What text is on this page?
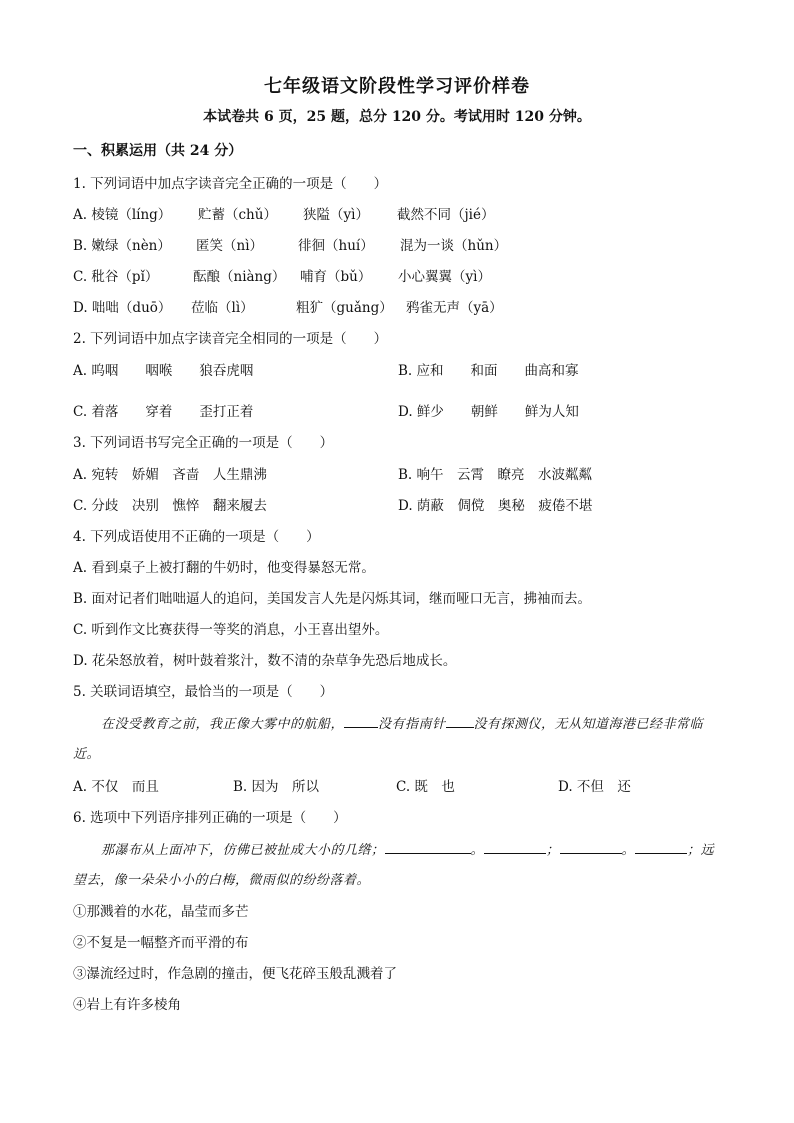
七年级语文阶段性学习评价样卷
本试卷共 6 页，25 题，总分 120 分。考试用时 120 分钟。
一、积累运用（共 24 分）
1. 下列词语中加点字读音完全正确的一项是（　　）
A. 棱镜（líng） 贮蓄（chǔ） 狭隘（yì） 截然不同（jié）
B. 嫩绿（nèn） 匿笑（nì）	徘徊（huí） 混为一谈（hǔn）
C. 秕谷（pǐ）	酝酿（niàng） 哺育（bǔ） 小心翼翼（yì）
D. 咄咄（duō） 莅临（lì）	粗犷（guǎng） 鸦雀无声（yā）
2. 下列词语中加点字读音完全相同的一项是（　　）
A. 呜咽　　咽喉　　狼吞虎咽	B. 应和　　和面　　曲高和寡
C. 着落　　穿着　　歪打正着	D. 鲜少　　朝鲜　　鲜为人知
3. 下列词语书写完全正确的一项是（　　）
A. 宛转　娇媚　吝啬　人生鼎沸	B. 响午　云霄　瞭亮　水波粼粼
C. 分歧　决别　憔悴　翻来履去	D. 荫蔽　倜傥　奥秘　疲倦不堪
4. 下列成语使用不正确的一项是（　　）
A. 看到桌子上被打翻的牛奶时，他变得暴怒无常。
B. 面对记者们咄咄逼人的追问，美国发言人先是闪烁其词，继而哑口无言，拂袖而去。
C. 听到作文比赛获得一等奖的消息，小王喜出望外。
D. 花朵怒放着，树叶鼓着浆汁，数不清的杂草争先恐后地成长。
5. 关联词语填空，最恰当的一项是（　　）
在没受教育之前，我正像大雾中的航船，	没有指南针 没有探测仪，无从知道海港已经非常临
近。
A. 不仅　而且	B. 因为　所以	C. 既　也	D. 不但　还
6. 选项中下列语序排列正确的一项是（　　）
那瀑布从上面冲下，仿佛已被扯成大小的几绺；	。	；	。	；远
望去，像一朵朵小小的白梅，微雨似的纷纷落着。
①那溅着的水花，晶莹而多芒
②不复是一幅整齐而平滑的布
③瀑流经过时，作急剧的撞击，便飞花碎玉般乱溅着了
④岩上有许多棱角
